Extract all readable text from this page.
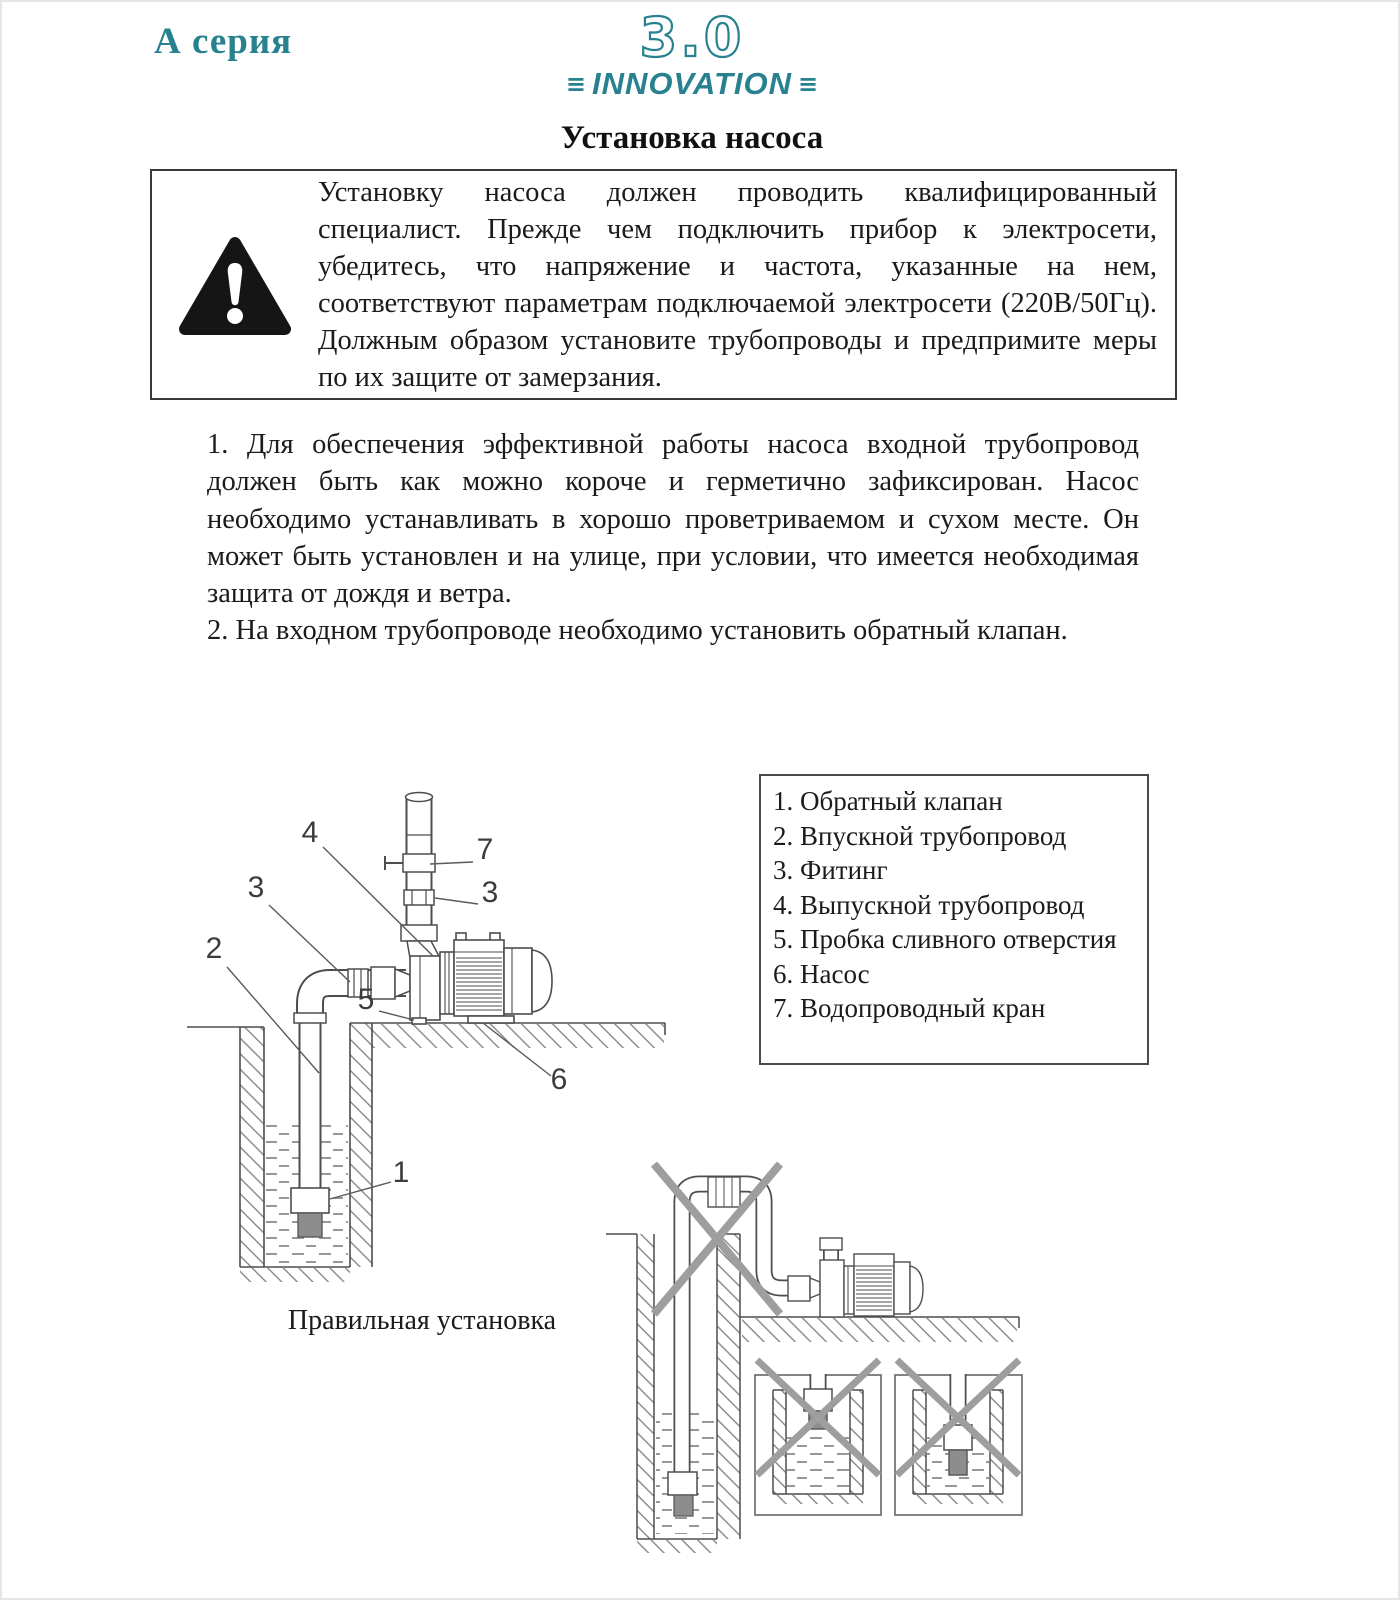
А серия	3.0
≡ INNOVATION ≡
Установка насоса

Установку насоса должен проводить квалифицированный специалист. Прежде чем подключить прибор к электросети, убедитесь, что напряжение и частота, указанные на нем, соответствуют параметрам подключаемой электросети (220В/50Гц). Должным образом установите трубопроводы и предпримите меры по их защите от замерзания.

1. Для обеспечения эффективной работы насоса входной трубопровод должен быть как можно короче и герметично зафиксирован. Насос необходимо устанавливать в хорошо проветриваемом и сухом месте. Он может быть установлен и на улице, при условии, что имеется необходимая защита от дождя и ветра.

2. На входном трубопроводе необходимо установить обратный клапан.

4
7
3
3
2
5
6
1
1. Обратный клапан
2. Впускной трубопровод
3. Фитинг
4. Выпускной трубопровод
5. Пробка сливного отверстия
6. Насос
7. Водопроводный кран
Правильная установка
